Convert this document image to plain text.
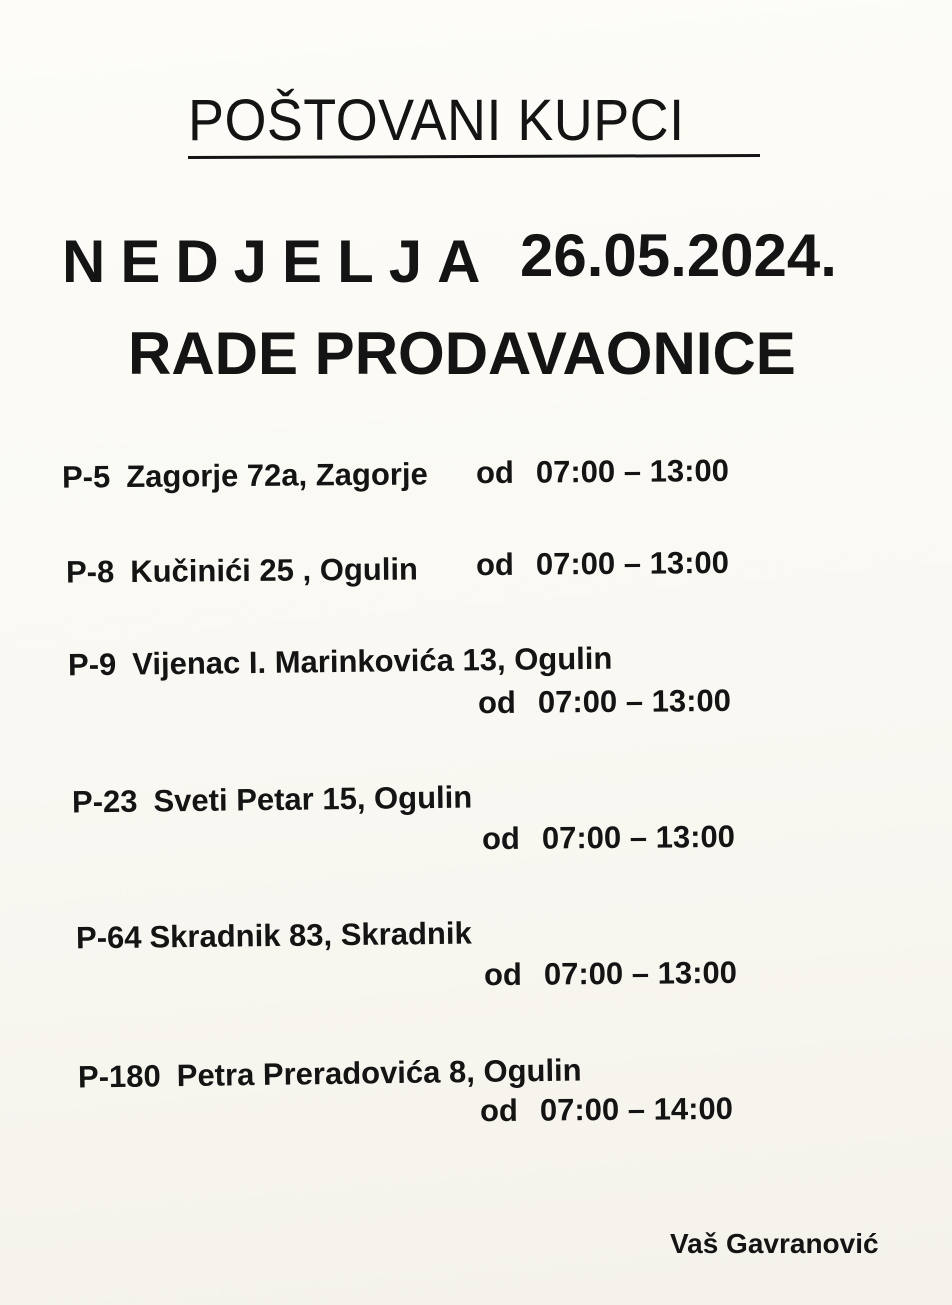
POŠTOVANI KUPCI
NEDJELJA 26.05.2024.
RADE PRODAVAONICE
P-5 Zagorje 72a, Zagorje od 07:00 – 13:00
P-8 Kučinići 25 , Ogulin od 07:00 – 13:00
P-9 Vijenac I. Marinkovića 13, Ogulin
od 07:00 – 13:00
P-23 Sveti Petar 15, Ogulin
od 07:00 – 13:00
P-64 Skradnik 83, Skradnik
od 07:00 – 13:00
P-180 Petra Preradovića 8, Ogulin
od 07:00 – 14:00
Vaš Gavranović
